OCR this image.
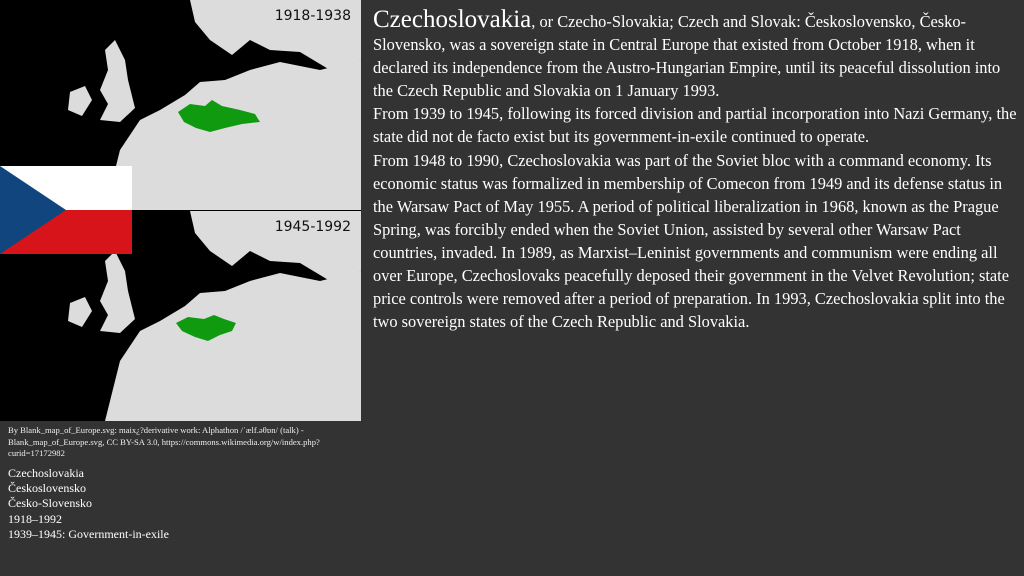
1918-1938
1945-1992
By Blank_map_of_Europe.svg: maix¿?derivative work: Alphathon /ˈælf.əθɒn/ (talk) - Blank_map_of_Europe.svg, CC BY-SA 3.0, https://commons.wikimedia.org/w/index.php?curid=17172982
Czechoslovakia
Československo
Česko-Slovensko
1918–1992
1939–1945: Government-in-exile

Czechoslovakia, or Czecho-Slovakia; Czech and Slovak: Československo, Česko-Slovensko, was a sovereign state in Central Europe that existed from October 1918, when it declared its independence from the Austro-Hungarian Empire, until its peaceful dissolution into the Czech Republic and Slovakia on 1 January 1993.

From 1939 to 1945, following its forced division and partial incorporation into Nazi Germany, the state did not de facto exist but its government-in-exile continued to operate.

From 1948 to 1990, Czechoslovakia was part of the Soviet bloc with a command economy. Its economic status was formalized in membership of Comecon from 1949 and its defense status in the Warsaw Pact of May 1955. A period of political liberalization in 1968, known as the Prague Spring, was forcibly ended when the Soviet Union, assisted by several other Warsaw Pact countries, invaded. In 1989, as Marxist–Leninist governments and communism were ending all over Europe, Czechoslovaks peacefully deposed their government in the Velvet Revolution; state price controls were removed after a period of preparation. In 1993, Czechoslovakia split into the two sovereign states of the Czech Republic and Slovakia.
